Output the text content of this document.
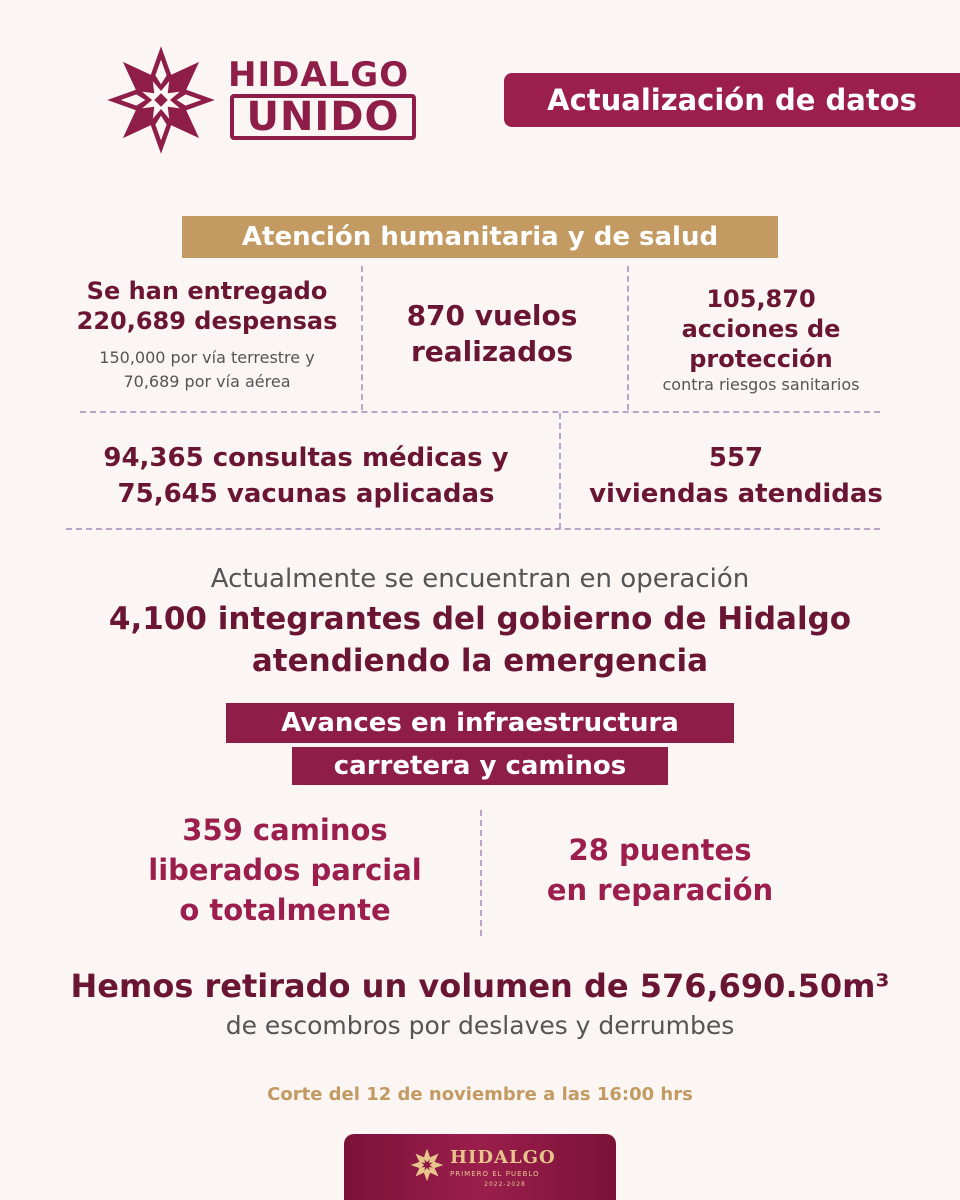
HIDALGO
UNIDO	Actualización de datos
Atención humanitaria y de salud
Se han entregado
220,689 despensas
150,000 por vía terrestre y
70,689 por vía aérea
870 vuelos
realizados
105,870
acciones de
protección
contra riesgos sanitarios
94,365 consultas médicas y
75,645 vacunas aplicadas
557
viviendas atendidas
Actualmente se encuentran en operación
4,100 integrantes del gobierno de Hidalgo
atendiendo la emergencia
Avances en infraestructura
carretera y caminos
359 caminos
liberados parcial
o totalmente
28 puentes
en reparación
Hemos retirado un volumen de 576,690.50m³
de escombros por deslaves y derrumbes
Corte del 12 de noviembre a las 16:00 hrs
HIDALGO
PRIMERO EL PUEBLO
2022-2028
